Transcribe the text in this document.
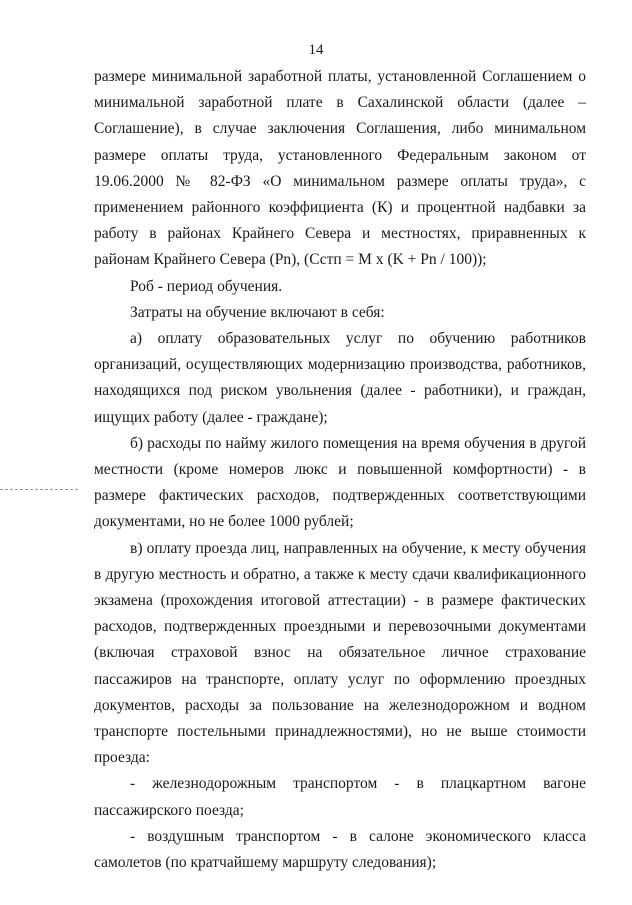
14

размере минимальной заработной платы, установленной Соглашением о минимальной заработной плате в Сахалинской области (далее – Соглашение), в случае заключения Соглашения, либо минимальном размере оплаты труда, установленного Федеральным законом от 19.06.2000 № 82-ФЗ «О минимальном размере оплаты труда», с применением районного коэффициента (К) и процентной надбавки за работу в районах Крайнего Севера и местностях, приравненных к районам Крайнего Севера (Pn), (Сстп = M x (K + Pn / 100));

Роб - период обучения.

Затраты на обучение включают в себя:

а) оплату образовательных услуг по обучению работников организаций, осуществляющих модернизацию производства, работников, находящихся под риском увольнения (далее - работники), и граждан, ищущих работу (далее - граждане);

б) расходы по найму жилого помещения на время обучения в другой местности (кроме номеров люкс и повышенной комфортности) - в размере фактических расходов, подтвержденных соответствующими документами, но не более 1000 рублей;

в) оплату проезда лиц, направленных на обучение, к месту обучения в другую местность и обратно, а также к месту сдачи квалификационного экзамена (прохождения итоговой аттестации) - в размере фактических расходов, подтвержденных проездными и перевозочными документами (включая страховой взнос на обязательное личное страхование пассажиров на транспорте, оплату услуг по оформлению проездных документов, расходы за пользование на железнодорожном и водном транспорте постельными принадлежностями), но не выше стоимости проезда:

- железнодорожным транспортом - в плацкартном вагоне пассажирского поезда;

- воздушным транспортом - в салоне экономического класса самолетов (по кратчайшему маршруту следования);
